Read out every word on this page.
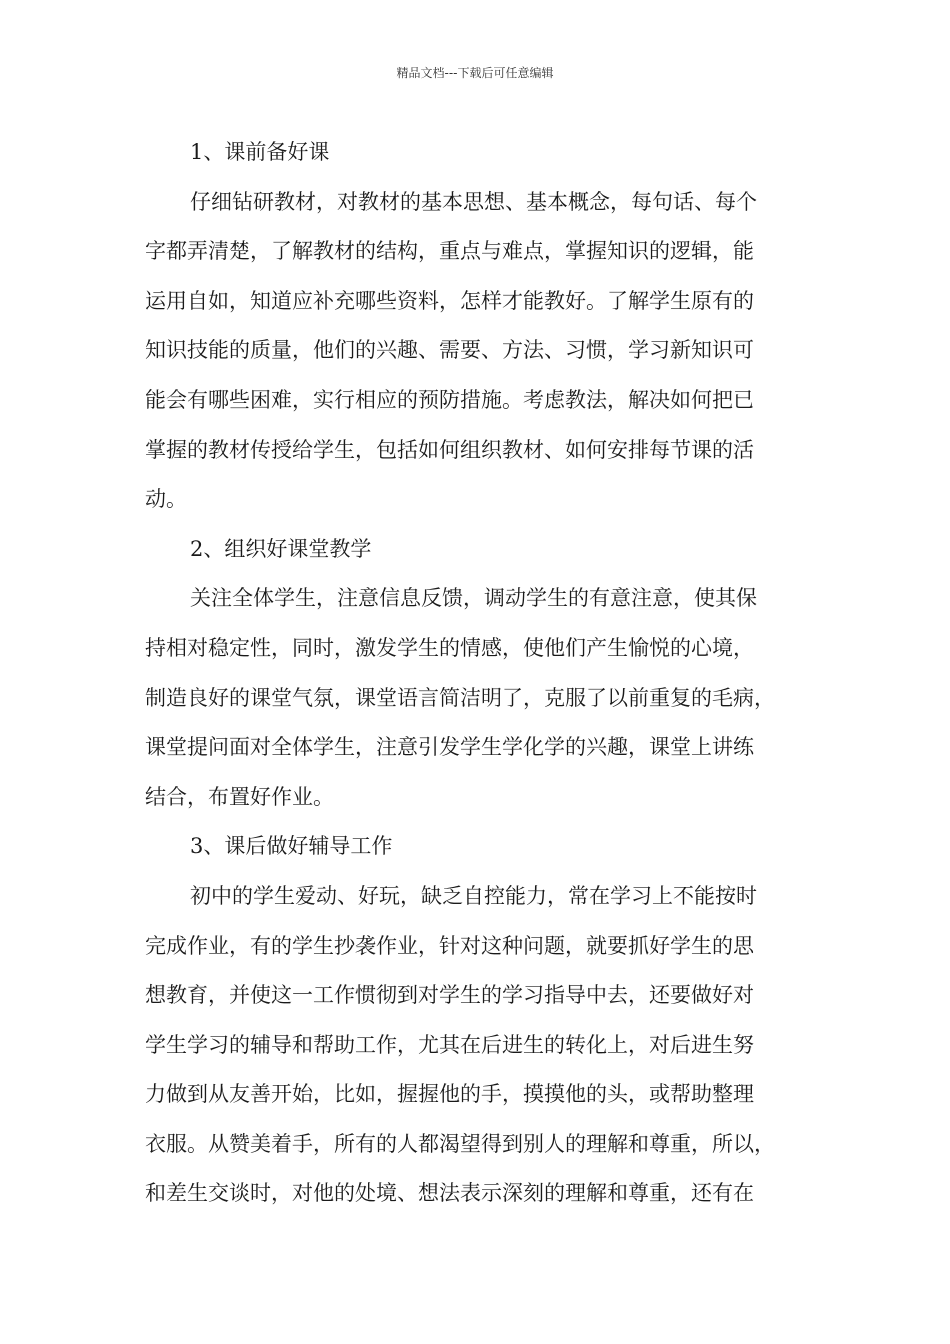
精品文档---下载后可任意编辑
1、课前备好课
仔细钻研教材，对教材的基本思想、基本概念，每句话、每个
字都弄清楚，了解教材的结构，重点与难点，掌握知识的逻辑，能
运用自如，知道应补充哪些资料，怎样才能教好。了解学生原有的
知识技能的质量，他们的兴趣、需要、方法、习惯，学习新知识可
能会有哪些困难，实行相应的预防措施。考虑教法，解决如何把已
掌握的教材传授给学生，包括如何组织教材、如何安排每节课的活
动。
2、组织好课堂教学
关注全体学生，注意信息反馈，调动学生的有意注意，使其保
持相对稳定性，同时，激发学生的情感，使他们产生愉悦的心境，
制造良好的课堂气氛，课堂语言简洁明了，克服了以前重复的毛病，
课堂提问面对全体学生，注意引发学生学化学的兴趣，课堂上讲练
结合，布置好作业。
3、课后做好辅导工作
初中的学生爱动、好玩，缺乏自控能力，常在学习上不能按时
完成作业，有的学生抄袭作业，针对这种问题，就要抓好学生的思
想教育，并使这一工作惯彻到对学生的学习指导中去，还要做好对
学生学习的辅导和帮助工作，尤其在后进生的转化上，对后进生努
力做到从友善开始，比如，握握他的手，摸摸他的头，或帮助整理
衣服。从赞美着手，所有的人都渴望得到别人的理解和尊重，所以，
和差生交谈时，对他的处境、想法表示深刻的理解和尊重，还有在
